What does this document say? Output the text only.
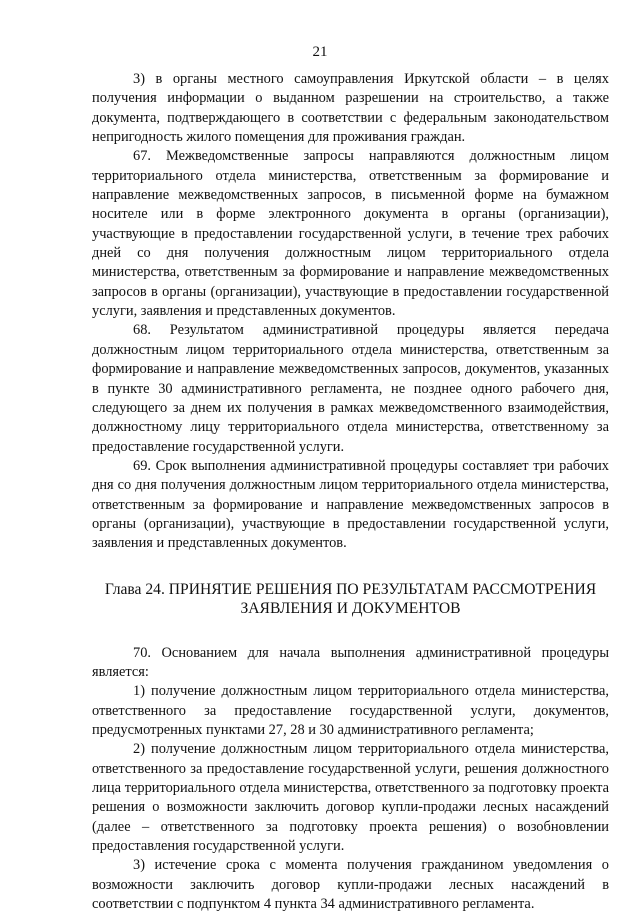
21

3) в органы местного самоуправления Иркутской области – в целях получения информации о выданном разрешении на строительство, а также документа, подтверждающего в соответствии с федеральным законодательством непригодность жилого помещения для проживания граждан.

67. Межведомственные запросы направляются должностным лицом территориального отдела министерства, ответственным за формирование и направление межведомственных запросов, в письменной форме на бумажном носителе или в форме электронного документа в органы (организации), участвующие в предоставлении государственной услуги, в течение трех рабочих дней со дня получения должностным лицом территориального отдела министерства, ответственным за формирование и направление межведомственных запросов в органы (организации), участвующие в предоставлении государственной услуги, заявления и представленных документов.

68. Результатом административной процедуры является передача должностным лицом территориального отдела министерства, ответственным за формирование и направление межведомственных запросов, документов, указанных в пункте 30 административного регламента, не позднее одного рабочего дня, следующего за днем их получения в рамках межведомственного взаимодействия, должностному лицу территориального отдела министерства, ответственному за предоставление государственной услуги.

69. Срок выполнения административной процедуры составляет три рабочих дня со дня получения должностным лицом территориального отдела министерства, ответственным за формирование и направление межведомственных запросов в органы (организации), участвующие в предоставлении государственной услуги, заявления и представленных документов.

Глава 24. ПРИНЯТИЕ РЕШЕНИЯ ПО РЕЗУЛЬТАТАМ РАССМОТРЕНИЯ
ЗАЯВЛЕНИЯ И ДОКУМЕНТОВ

70. Основанием для начала выполнения административной процедуры является:

1) получение должностным лицом территориального отдела министерства, ответственного за предоставление государственной услуги, документов, предусмотренных пунктами 27, 28 и 30 административного регламента;

2) получение должностным лицом территориального отдела министерства, ответственного за предоставление государственной услуги, решения должностного лица территориального отдела министерства, ответственного за подготовку проекта решения о возможности заключить договор купли-продажи лесных насаждений (далее – ответственного за подготовку проекта решения) о возобновлении предоставления государственной услуги.

3) истечение срока с момента получения гражданином уведомления о возможности заключить договор купли-продажи лесных насаждений в соответствии с подпунктом 4 пункта 34 административного регламента.
